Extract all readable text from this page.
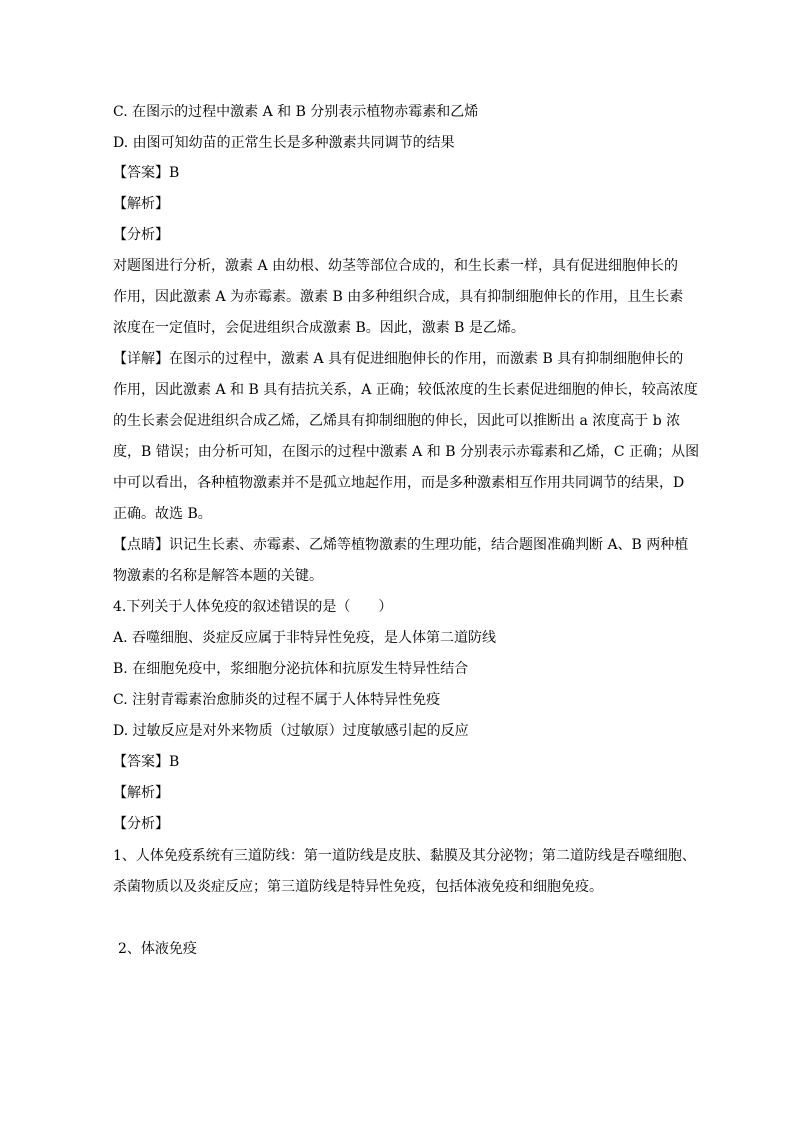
C. 在图示的过程中激素 A 和 B 分别表示植物赤霉素和乙烯
D. 由图可知幼苗的正常生长是多种激素共同调节的结果
【答案】B
【解析】
【分析】
对题图进行分析，激素 A 由幼根、幼茎等部位合成的，和生长素一样，具有促进细胞伸长的
作用，因此激素 A 为赤霉素。激素 B 由多种组织合成，具有抑制细胞伸长的作用，且生长素
浓度在一定值时，会促进组织合成激素 B。因此，激素 B 是乙烯。
【详解】在图示的过程中，激素 A 具有促进细胞伸长的作用，而激素 B 具有抑制细胞伸长的
作用，因此激素 A 和 B 具有拮抗关系，A 正确；较低浓度的生长素促进细胞的伸长，较高浓度
的生长素会促进组织合成乙烯，乙烯具有抑制细胞的伸长，因此可以推断出 a 浓度高于 b 浓
度，B 错误；由分析可知，在图示的过程中激素 A 和 B 分别表示赤霉素和乙烯，C 正确；从图
中可以看出，各种植物激素并不是孤立地起作用，而是多种激素相互作用共同调节的结果，D
正确。故选 B。
【点睛】识记生长素、赤霉素、乙烯等植物激素的生理功能，结合题图准确判断 A、B 两种植
物激素的名称是解答本题的关键。
4.下列关于人体免疫的叙述错误的是（　　）
A. 吞噬细胞、炎症反应属于非特异性免疫，是人体第二道防线
B. 在细胞免疫中，浆细胞分泌抗体和抗原发生特异性结合
C. 注射青霉素治愈肺炎的过程不属于人体特异性免疫
D. 过敏反应是对外来物质（过敏原）过度敏感引起的反应
【答案】B
【解析】
【分析】
1、人体免疫系统有三道防线：第一道防线是皮肤、黏膜及其分泌物；第二道防线是吞噬细胞、
杀菌物质以及炎症反应；第三道防线是特异性免疫，包括体液免疫和细胞免疫。
2、体液免疫
